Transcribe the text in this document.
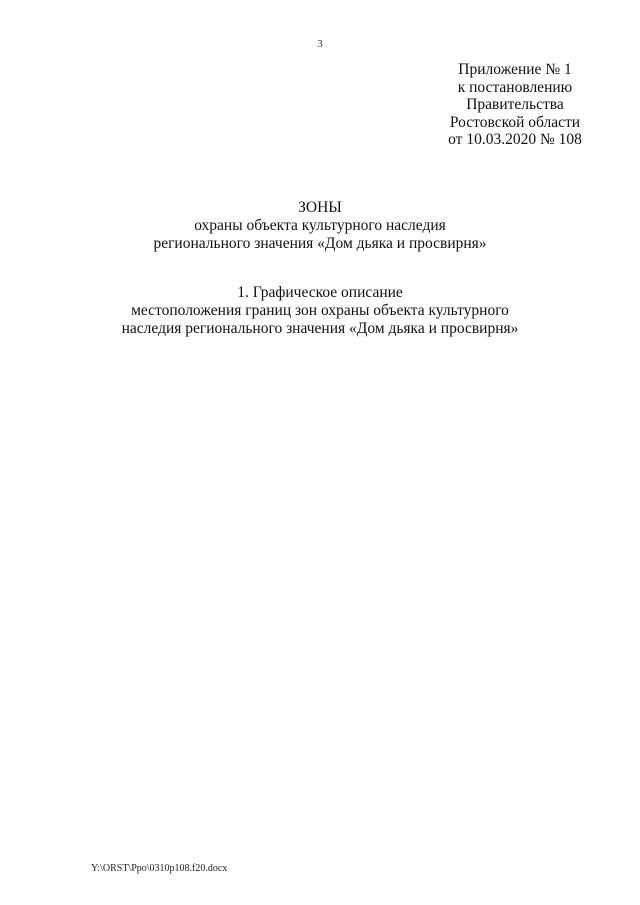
3
Приложение № 1
к постановлению
Правительства
Ростовской области
от 10.03.2020 № 108
ЗОНЫ
охраны объекта культурного наследия
регионального значения «Дом дьяка и просвирня»
1. Графическое описание
местоположения границ зон охраны объекта культурного
наследия регионального значения «Дом дьяка и просвирня»
Y:\ORST\Ppo\0310p108.f20.docx
